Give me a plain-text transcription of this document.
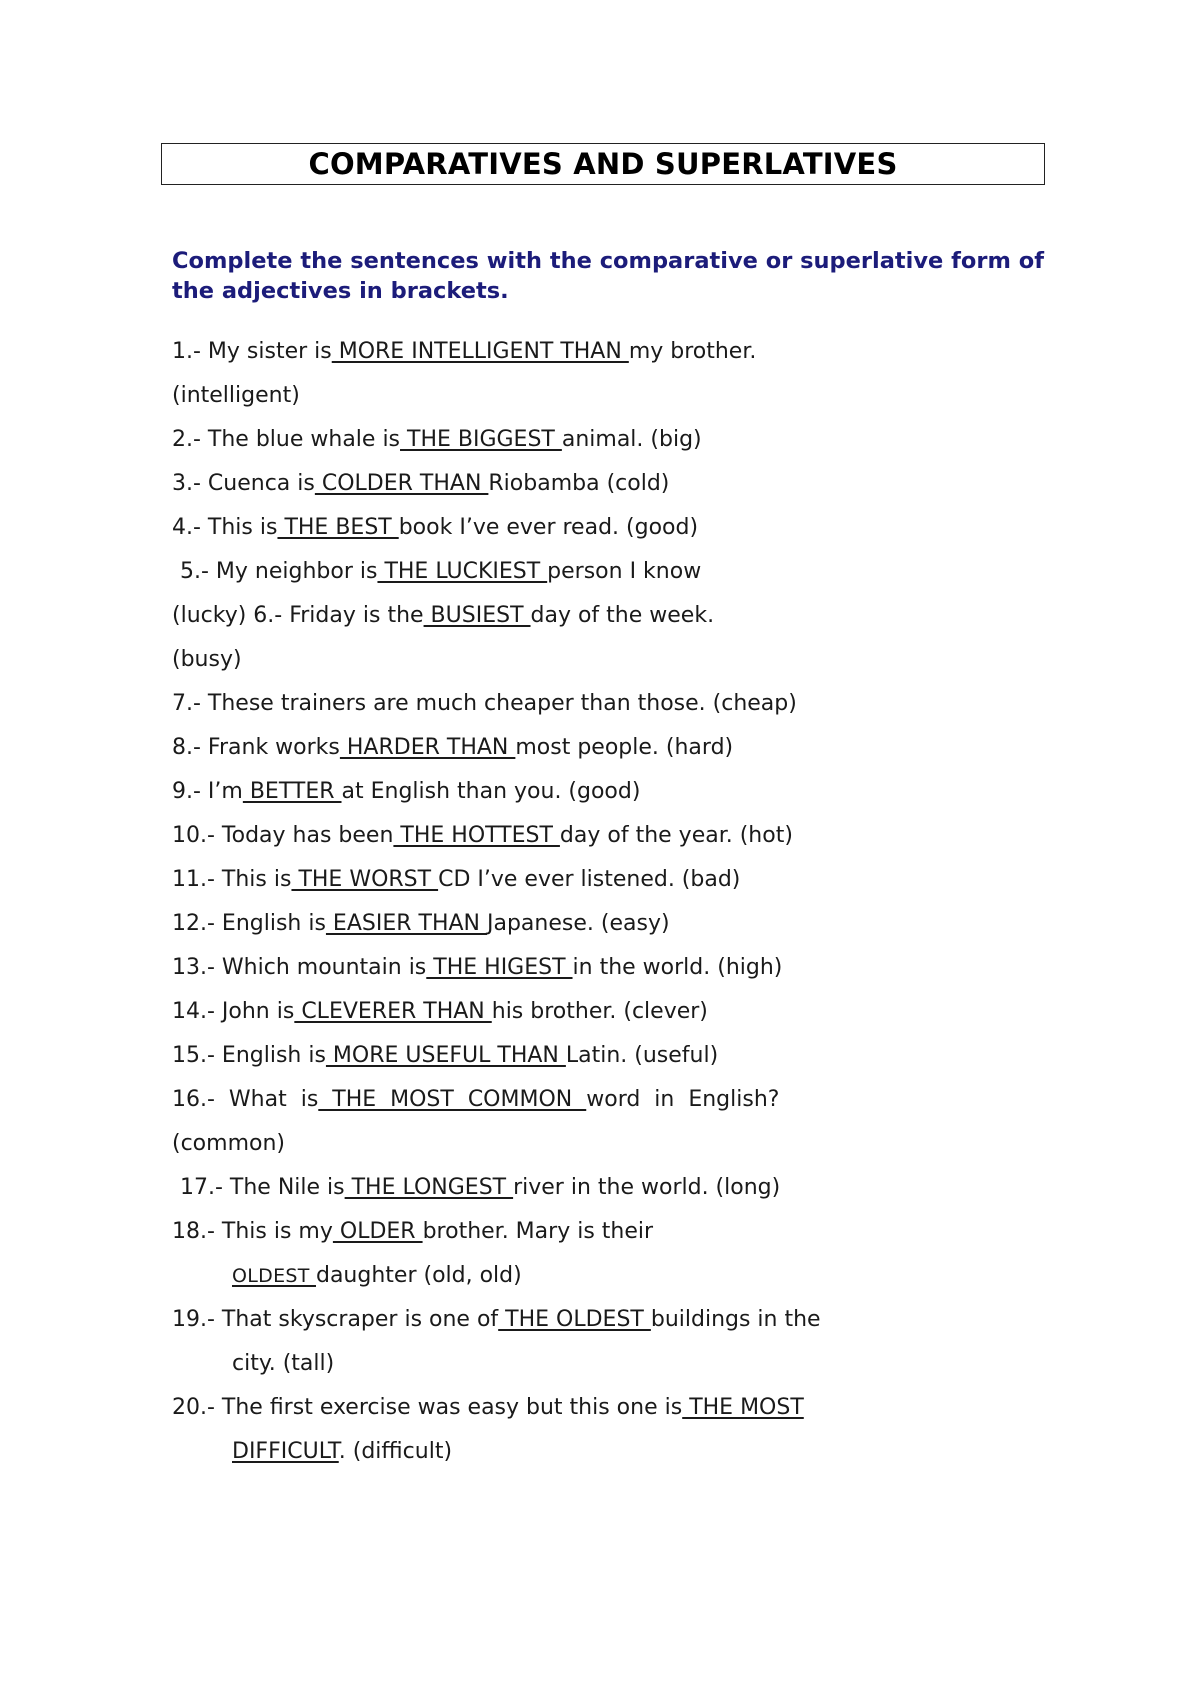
COMPARATIVES AND SUPERLATIVES
Complete the sentences with the comparative or superlative form of the adjectives in brackets.
1.- My sister is MORE INTELLIGENT THAN my brother.
(intelligent)
2.- The blue whale is THE BIGGEST animal. (big)
3.- Cuenca is COLDER THAN Riobamba (cold)
4.- This is THE BEST book I’ve ever read. (good)
5.- My neighbor is THE LUCKIEST person I know
(lucky) 6.- Friday is the BUSIEST day of the week.
(busy)
7.- These trainers are much cheaper than those. (cheap)
8.- Frank works HARDER THAN most people. (hard)
9.- I’m BETTER at English than you. (good)
10.- Today has been THE HOTTEST day of the year. (hot)
11.- This is THE WORST CD I’ve ever listened. (bad)
12.- English is EASIER THAN Japanese. (easy)
13.- Which mountain is THE HIGEST in the world. (high)
14.- John is CLEVERER THAN his brother. (clever)
15.- English is MORE USEFUL THAN Latin. (useful)
16.-  What  is  THE  MOST  COMMON  word  in  English?
(common)
17.- The Nile is THE LONGEST river in the world. (long)
18.- This is my OLDER brother. Mary is their
OLDEST daughter (old, old)
19.- That skyscraper is one of THE OLDEST buildings in the
city. (tall)
20.- The first exercise was easy but this one is THE MOST
DIFFICULT. (difficult)
